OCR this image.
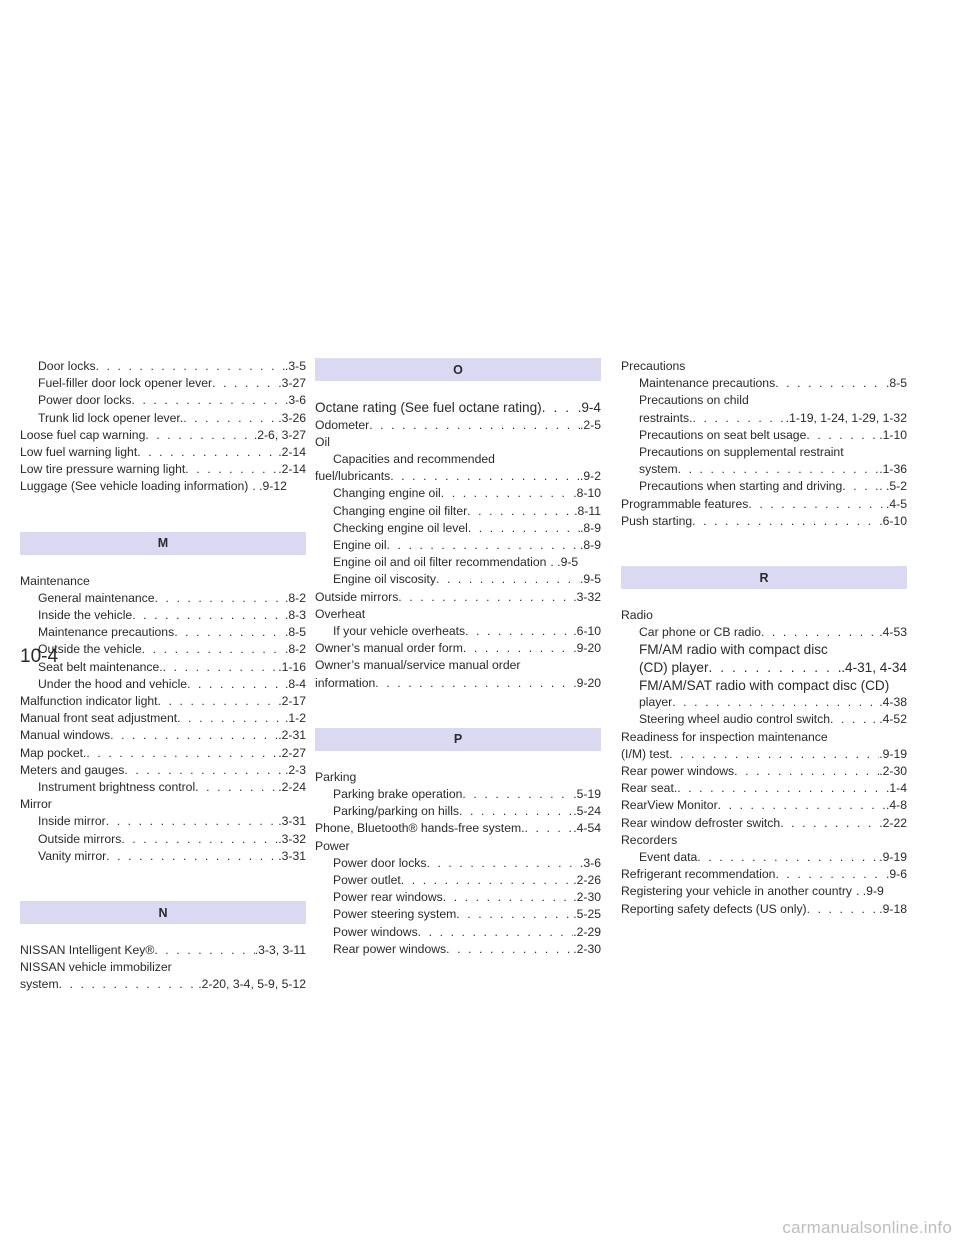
Door locks . . .	.3-5
Fuel-filler door lock opener lever . . .	.3-27
Power door locks . . .	.3-6
Trunk lid lock opener lever. . . .	.3-26
Loose fuel cap warning . . .	.2-6, 3-27
Low fuel warning light . . .	.2-14
Low tire pressure warning light . . .	.2-14
Luggage (See vehicle loading information) . .9-12
M
Maintenance
General maintenance . . .	.8-2
Inside the vehicle . . .	.8-3
Maintenance precautions . . .	.8-5
Outside the vehicle . . .	.8-2
Seat belt maintenance. . . .	.1-16
Under the hood and vehicle . . .	.8-4
Malfunction indicator light . . .	.2-17
Manual front seat adjustment . . .	.1-2
Manual windows . . .	.2-31
Map pocket. . . .	.2-27
Meters and gauges . . .	.2-3
Instrument brightness control . . .	.2-24
Mirror
Inside mirror . . .	.3-31
Outside mirrors . . .	.3-32
Vanity mirror . . .	.3-31
N
NISSAN Intelligent Key® . . .	.3-3, 3-11
NISSAN vehicle immobilizer
system . . .	.2-20, 3-4, 5-9, 5-12
O
Octane rating (See fuel octane rating) . . .	.9-4
Odometer . . .	.2-5
Oil
Capacities and recommended
fuel/lubricants . . .	.9-2
Changing engine oil . . .	.8-10
Changing engine oil filter . . .	.8-11
Checking engine oil level . . .	.8-9
Engine oil . . .	.8-9
Engine oil and oil filter recommendation . .9-5
Engine oil viscosity . . .	.9-5
Outside mirrors . . .	.3-32
Overheat
If your vehicle overheats . . .	.6-10
Owner’s manual order form . . .	.9-20
Owner’s manual/service manual order
information . . .	.9-20
P
Parking
Parking brake operation . . .	.5-19
Parking/parking on hills . . .	.5-24
Phone, Bluetooth® hands-free system. . . .	.4-54
Power
Power door locks . . .	.3-6
Power outlet . . .	.2-26
Power rear windows . . .	.2-30
Power steering system . . .	.5-25
Power windows . . .	.2-29
Rear power windows . . .	.2-30
Precautions
Maintenance precautions . . .	.8-5
Precautions on child
restraints. . . .	.1-19, 1-24, 1-29, 1-32
Precautions on seat belt usage . . .	.1-10
Precautions on supplemental restraint
system . . .	.1-36
Precautions when starting and driving . . .	. .5-2
Programmable features . . .	.4-5
Push starting . . .	.6-10
R
Radio
Car phone or CB radio . . .	.4-53
FM/AM radio with compact disc
(CD) player . . .	.4-31, 4-34
FM/AM/SAT radio with compact disc (CD)
player . . .	.4-38
Steering wheel audio control switch . . .	. .4-52
Readiness for inspection maintenance
(I/M) test . . .	.9-19
Rear power windows . . .	.2-30
Rear seat. . . .	.1-4
RearView Monitor . . .	.4-8
Rear window defroster switch . . .	.2-22
Recorders
Event data . . .	.9-19
Refrigerant recommendation . . .	.9-6
Registering your vehicle in another country . .9-9
Reporting safety defects (US only) . . .	.9-18
10-4
carmanualsonline.info
